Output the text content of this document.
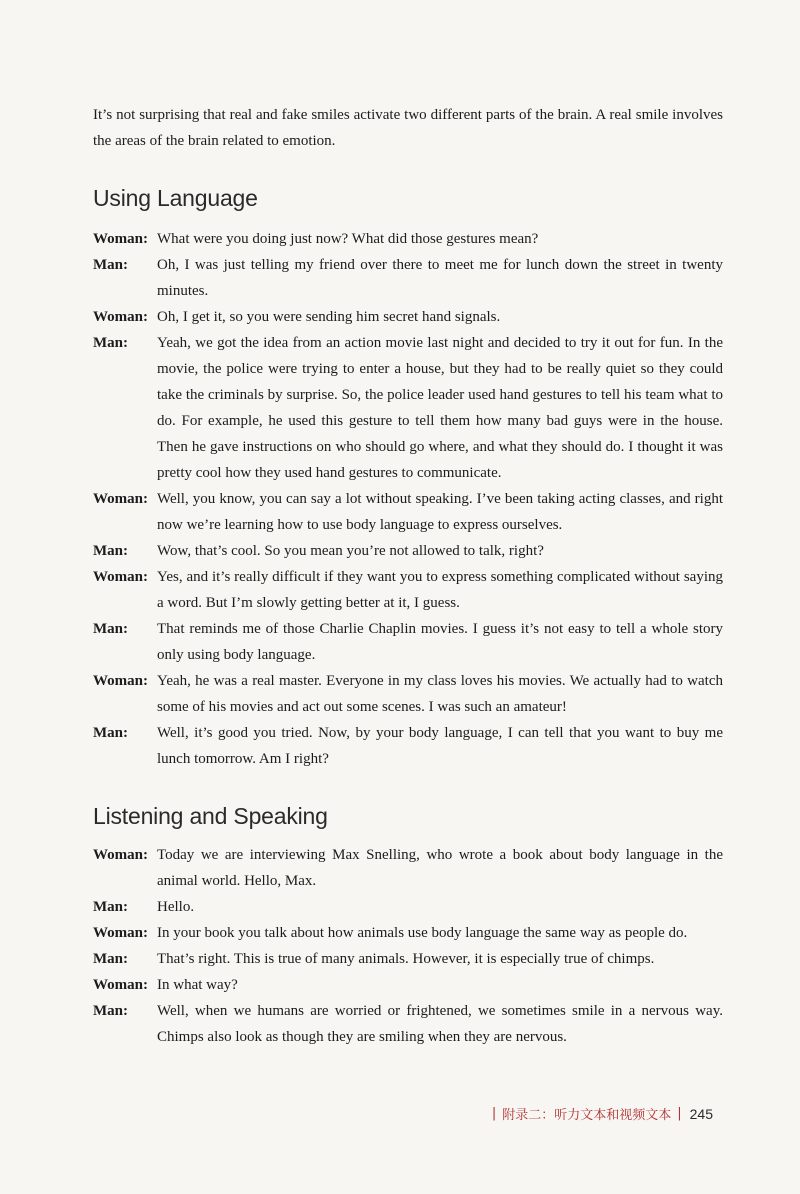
It’s not surprising that real and fake smiles activate two different parts of the brain. A real smile involves the areas of the brain related to emotion.

Using Language
Woman: What were you doing just now? What did those gestures mean?
Man:	Oh, I was just telling my friend over there to meet me for lunch down the street in twenty minutes.
Woman: Oh, I get it, so you were sending him secret hand signals.
Man:	Yeah, we got the idea from an action movie last night and decided to try it out for fun. In the movie, the police were trying to enter a house, but they had to be really quiet so they could take the criminals by surprise. So, the police leader used hand gestures to tell his team what to do. For example, he used this gesture to tell them how many bad guys were in the house. Then he gave instructions on who should go where, and what they should do. I thought it was pretty cool how they used hand gestures to communicate.
Woman: Well, you know, you can say a lot without speaking. I’ve been taking acting classes, and right now we’re learning how to use body language to express ourselves.
Man:	Wow, that’s cool. So you mean you’re not allowed to talk, right?
Woman: Yes, and it’s really difficult if they want you to express something complicated without saying a word. But I’m slowly getting better at it, I guess.
Man:	That reminds me of those Charlie Chaplin movies. I guess it’s not easy to tell a whole story only using body language.
Woman: Yeah, he was a real master. Everyone in my class loves his movies. We actually had to watch some of his movies and act out some scenes. I was such an amateur!
Man:	Well, it’s good you tried. Now, by your body language, I can tell that you want to buy me lunch tomorrow. Am I right?
Listening and Speaking
Woman: Today we are interviewing Max Snelling, who wrote a book about body language in the animal world. Hello, Max.
Man:	Hello.
Woman: In your book you talk about how animals use body language the same way as people do.
Man:	That’s right. This is true of many animals. However, it is especially true of chimps.
Woman: In what way?
Man:	Well, when we humans are worried or frightened, we sometimes smile in a nervous way. Chimps also look as though they are smiling when they are nervous.
| 附录二：听力文本和视频文本 | 245
